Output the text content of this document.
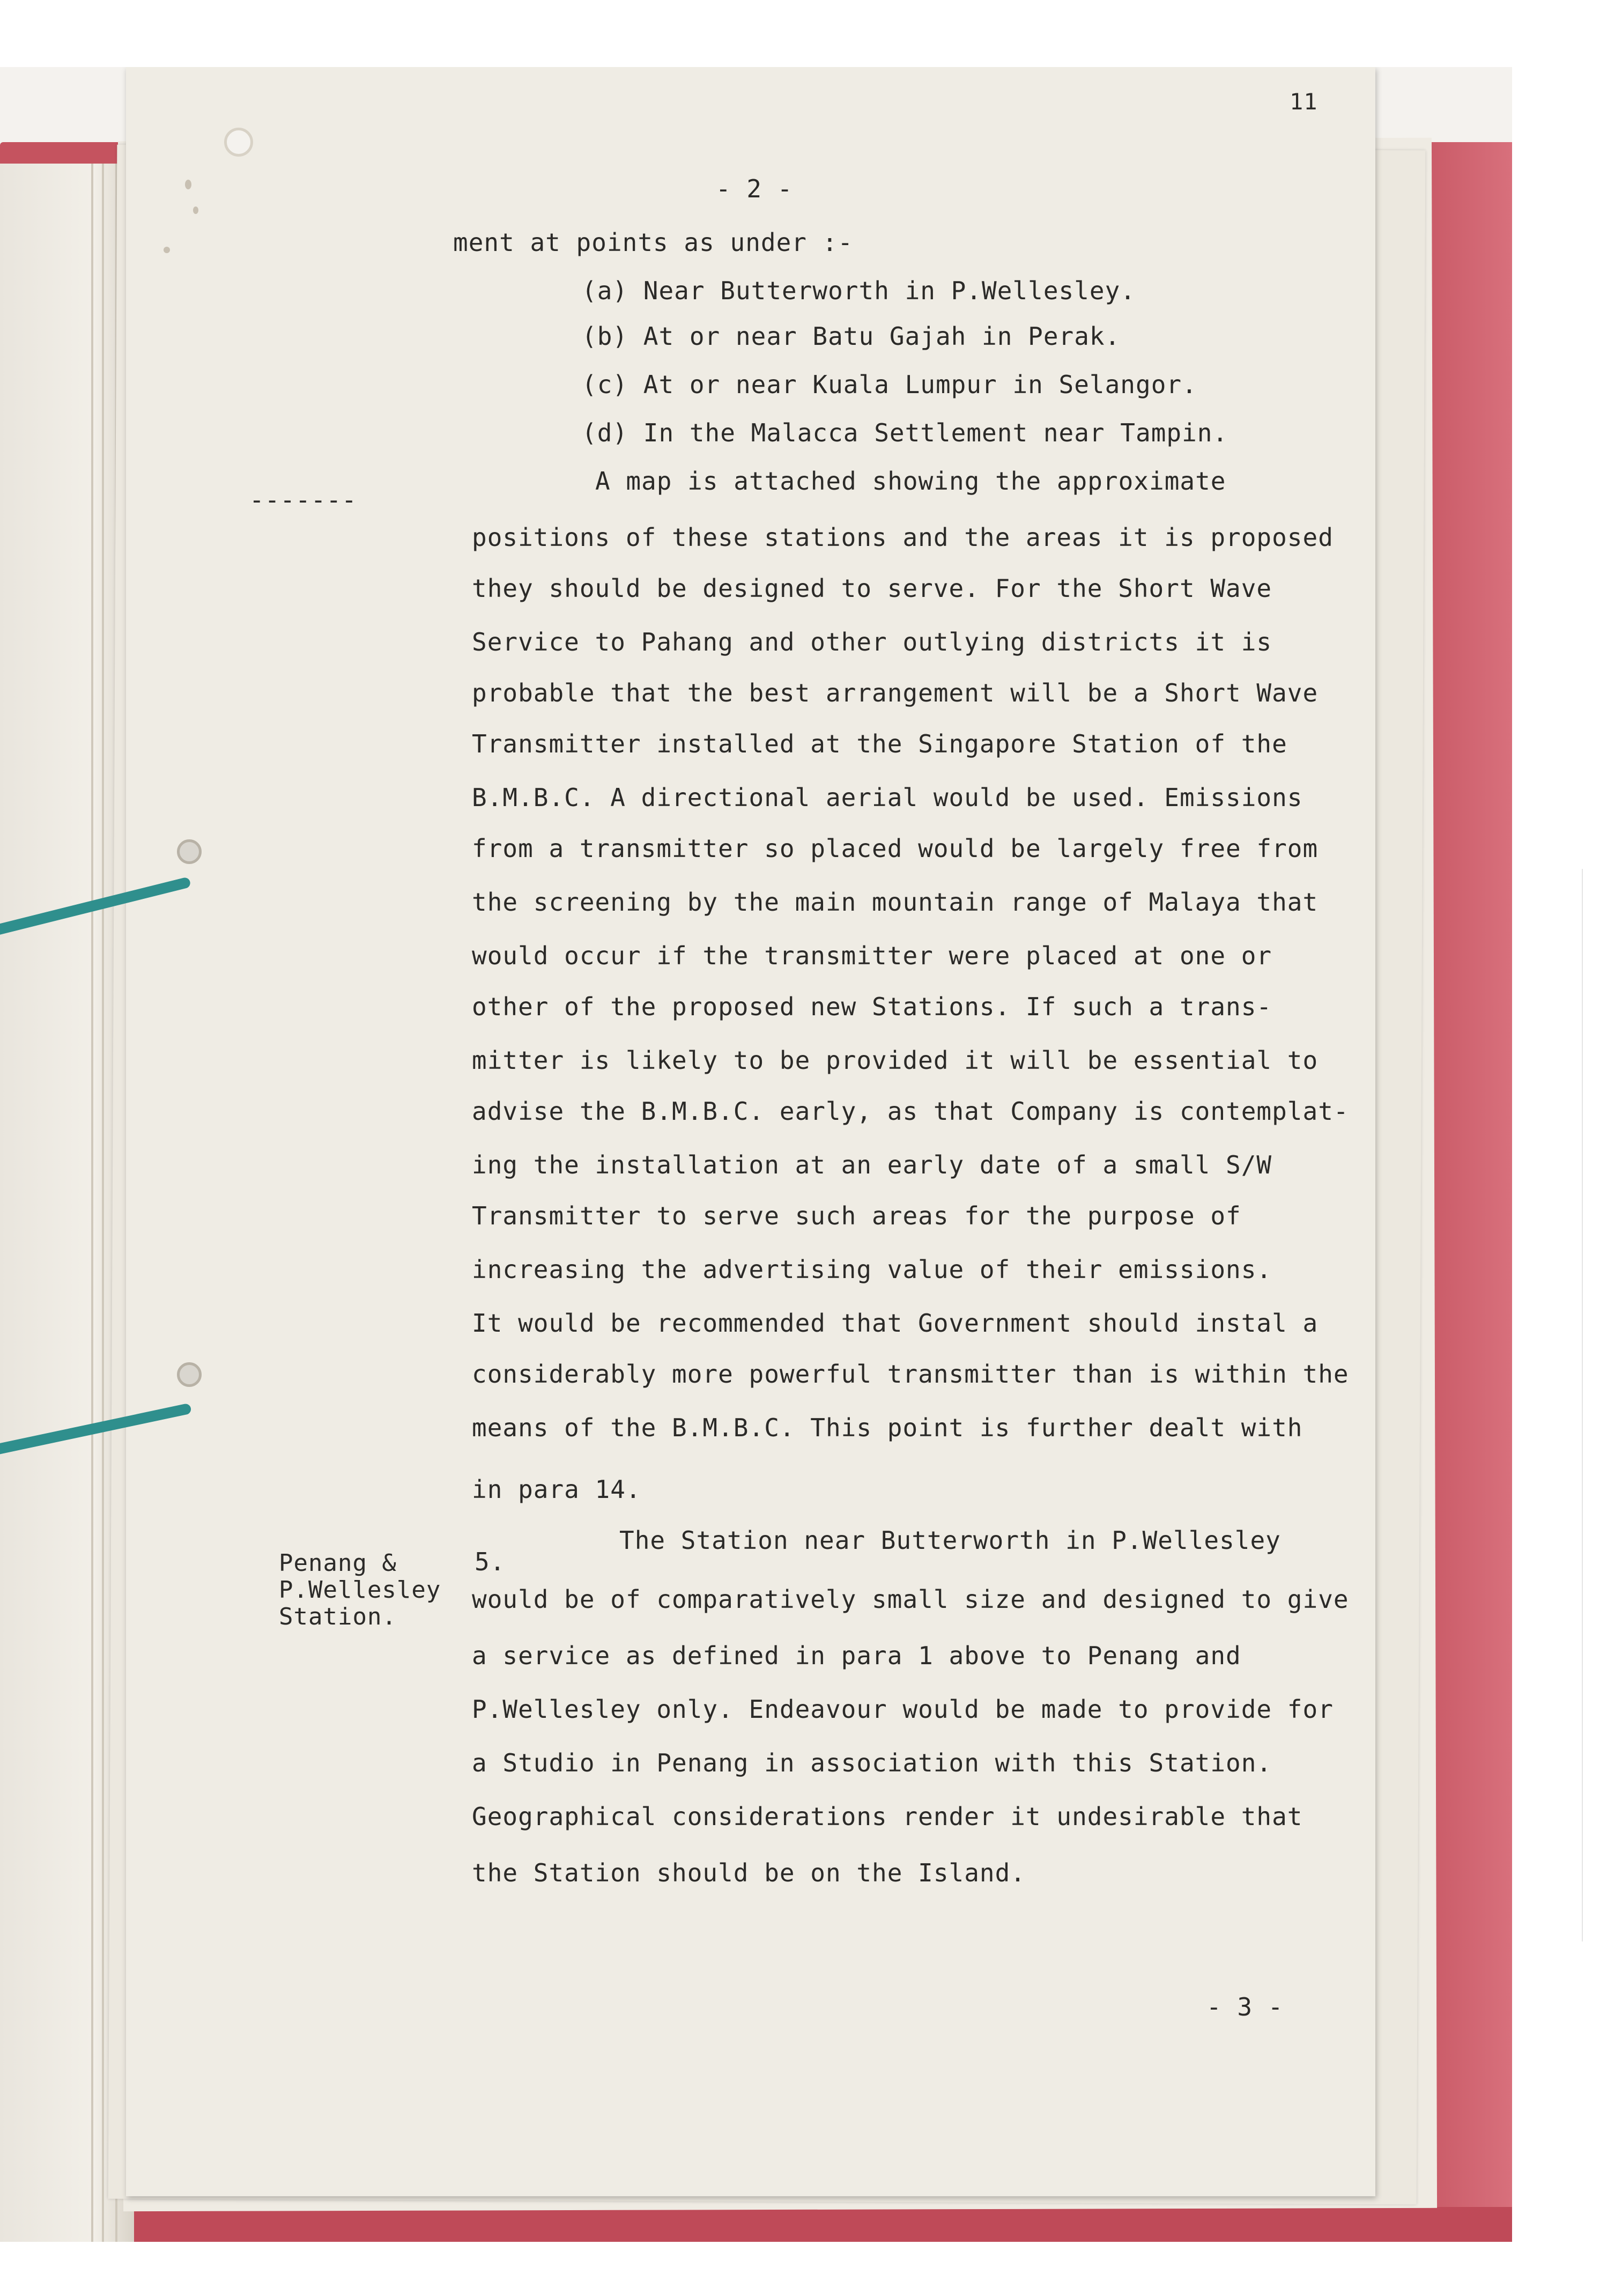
11
- 2 -
ment at points as under :-
(a) Near Butterworth in P.Wellesley.
(b) At or near Batu Gajah in Perak.
(c) At or near Kuala Lumpur in Selangor.
(d) In the Malacca Settlement near Tampin.
-------
A map is attached showing the approximate
positions of these stations and the areas it is proposed
they should be designed to serve. For the Short Wave
Service to Pahang and other outlying districts it is
probable that the best arrangement will be a Short Wave
Transmitter installed at the Singapore Station of the
B.M.B.C. A directional aerial would be used. Emissions
from a transmitter so placed would be largely free from
the screening by the main mountain range of Malaya that
would occur if the transmitter were placed at one or
other of the proposed new Stations. If such a trans-
mitter is likely to be provided it will be essential to
advise the B.M.B.C. early, as that Company is contemplat-
ing the installation at an early date of a small S/W
Transmitter to serve such areas for the purpose of
increasing the advertising value of their emissions.
It would be recommended that Government should instal a
considerably more powerful transmitter than is within the
means of the B.M.B.C. This point is further dealt with
in para 14.
Penang &
P.Wellesley
Station.
5.
The Station near Butterworth in P.Wellesley
would be of comparatively small size and designed to give
a service as defined in para 1 above to Penang and
P.Wellesley only. Endeavour would be made to provide for
a Studio in Penang in association with this Station.
Geographical considerations render it undesirable that
the Station should be on the Island.
- 3 -
